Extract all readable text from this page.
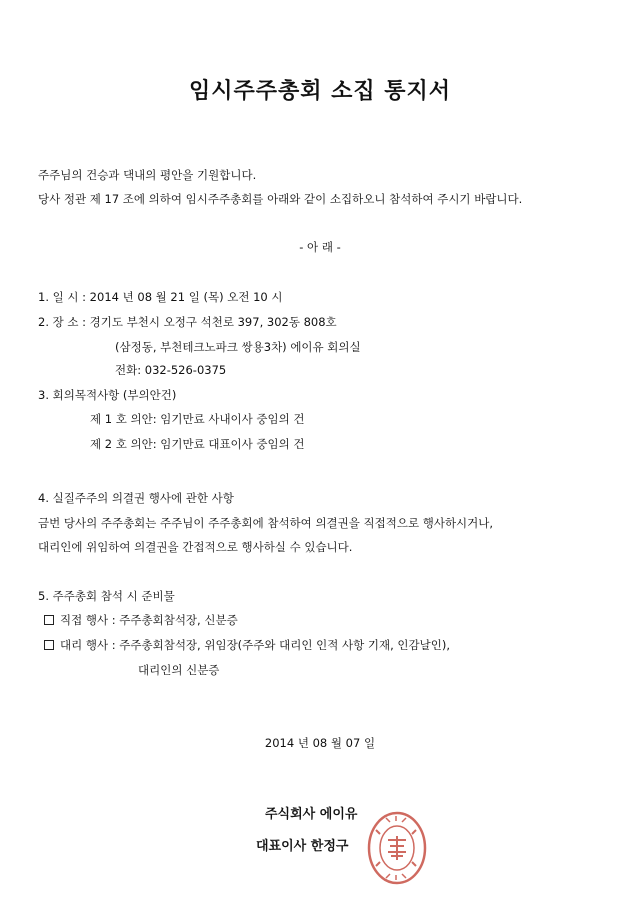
임시주주총회 소집 통지서
주주님의 건승과 댁내의 평안을 기원합니다.
당사 정관 제 17 조에 의하여 임시주주총회를 아래와 같이 소집하오니 참석하여 주시기 바랍니다.
- 아 래 -
1. 일 시 : 2014 년 08 월 21 일 (목) 오전 10 시
2. 장 소 : 경기도 부천시 오정구 석천로 397, 302동 808호
(삼정동, 부천테크노파크 쌍용3차) 에이유 회의실
전화: 032-526-0375
3. 회의목적사항 (부의안건)
제 1 호 의안: 임기만료 사내이사 중임의 건
제 2 호 의안: 임기만료 대표이사 중임의 건
4. 실질주주의 의결권 행사에 관한 사항
금번 당사의 주주총회는 주주님이 주주총회에 참석하여 의결권을 직접적으로 행사하시거나,
대리인에 위임하여 의결권을 간접적으로 행사하실 수 있습니다.
5. 주주총회 참석 시 준비물
직접 행사 : 주주총회참석장, 신분증
대리 행사 : 주주총회참석장, 위임장(주주와 대리인 인적 사항 기재, 인감날인),
대리인의 신분증
2014 년 08 월 07 일
주식회사 에이유
대표이사 한정구
